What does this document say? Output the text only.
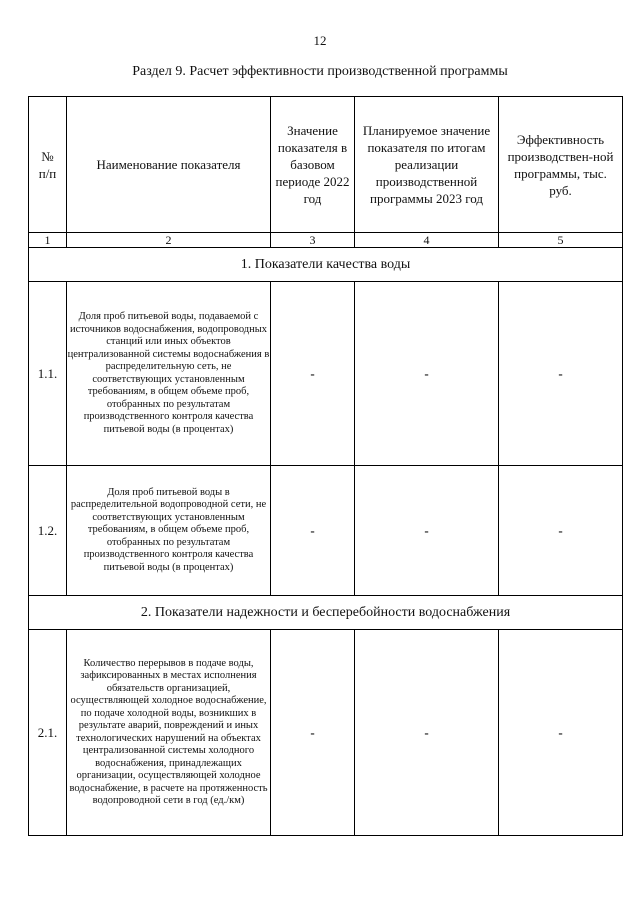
12
Раздел 9. Расчет эффективности производственной программы
№ п/п	Наименование показателя	Значение показателя в базовом периоде 2022 год	Планируемое значение показателя по итогам реализации производственной программы 2023 год	Эффективность производствен-ной программы, тыс. руб.
1	2	3	4	5
1. Показатели качества воды				
1.1.	Доля проб питьевой воды, подаваемой с источников водоснабжения, водопроводных станций или иных объектов централизованной системы водоснабжения в распределительную сеть, не соответствующих установленным требованиям, в общем объеме проб, отобранных по результатам производственного контроля качества питьевой воды (в процентах)	-	-	-
1.2.	Доля проб питьевой воды в распределительной водопроводной сети, не соответствующих установленным требованиям, в общем объеме проб, отобранных по результатам производственного контроля качества питьевой воды (в процентах)	-	-	-
2. Показатели надежности и бесперебойности водоснабжения				
2.1.	Количество перерывов в подаче воды, зафиксированных в местах исполнения обязательств организацией, осуществляющей холодное водоснабжение, по подаче холодной воды, возникших в результате аварий, повреждений и иных технологических нарушений на объектах централизованной системы холодного водоснабжения, принадлежащих организации, осуществляющей холодное водоснабжение, в расчете на протяженность водопроводной сети в год (ед./км)	-	-	-
